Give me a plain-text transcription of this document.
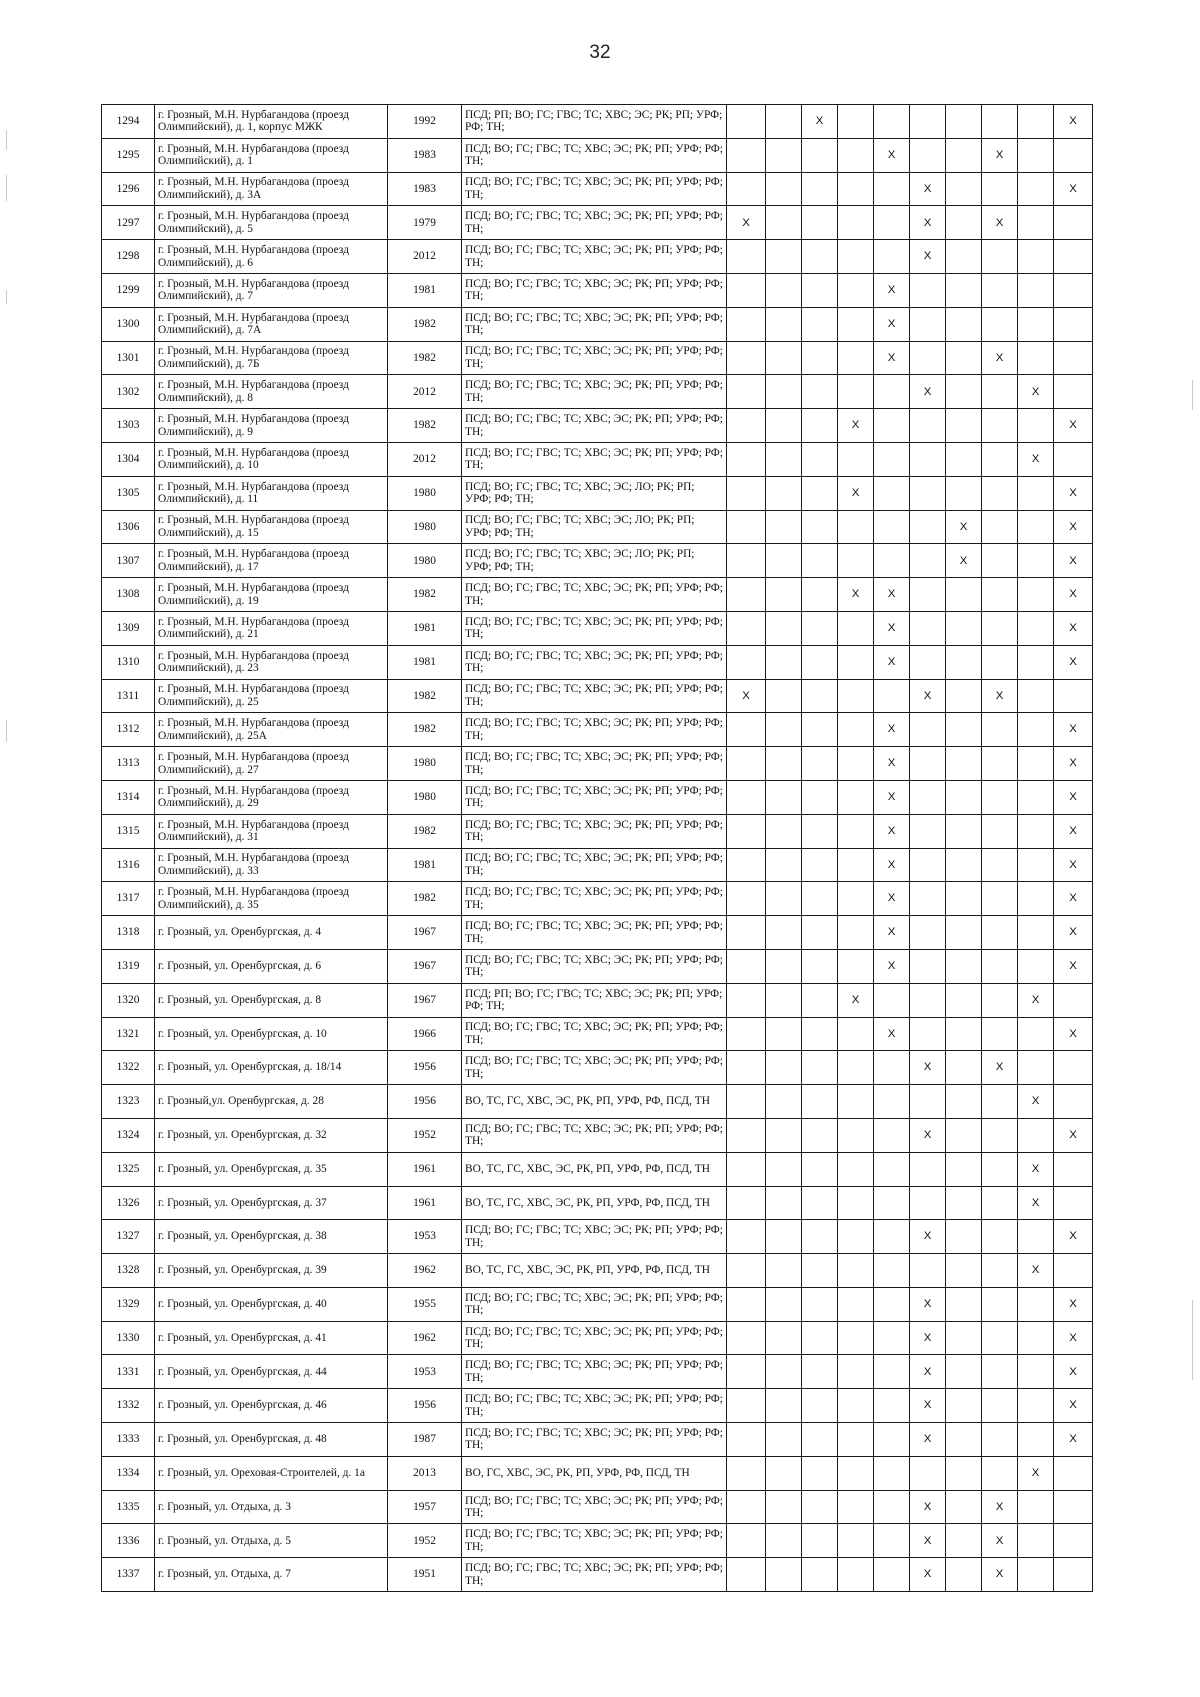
32
1294	г. Грозный, М.Н. Нурбагандова (проезд Олимпийский), д. 1, корпус МЖК	1992	ПСД; РП; ВО; ГС; ГВС; ТС; ХВС; ЭС; РК; РП; УРФ; РФ; ТН;			X							X
1295	г. Грозный, М.Н. Нурбагандова (проезд Олимпийский), д. 1	1983	ПСД; ВО; ГС; ГВС; ТС; ХВС; ЭС; РК; РП; УРФ; РФ; ТН;					X			X		
1296	г. Грозный, М.Н. Нурбагандова (проезд Олимпийский), д. 3А	1983	ПСД; ВО; ГС; ГВС; ТС; ХВС; ЭС; РК; РП; УРФ; РФ; ТН;						X				X
1297	г. Грозный, М.Н. Нурбагандова (проезд Олимпийский), д. 5	1979	ПСД; ВО; ГС; ГВС; ТС; ХВС; ЭС; РК; РП; УРФ; РФ; ТН;	X					X		X		
1298	г. Грозный, М.Н. Нурбагандова (проезд Олимпийский), д. 6	2012	ПСД; ВО; ГС; ГВС; ТС; ХВС; ЭС; РК; РП; УРФ; РФ; ТН;						X				
1299	г. Грозный, М.Н. Нурбагандова (проезд Олимпийский), д. 7	1981	ПСД; ВО; ГС; ГВС; ТС; ХВС; ЭС; РК; РП; УРФ; РФ; ТН;					X					
1300	г. Грозный, М.Н. Нурбагандова (проезд Олимпийский), д. 7А	1982	ПСД; ВО; ГС; ГВС; ТС; ХВС; ЭС; РК; РП; УРФ; РФ; ТН;					X					
1301	г. Грозный, М.Н. Нурбагандова (проезд Олимпийский), д. 7Б	1982	ПСД; ВО; ГС; ГВС; ТС; ХВС; ЭС; РК; РП; УРФ; РФ; ТН;					X			X		
1302	г. Грозный, М.Н. Нурбагандова (проезд Олимпийский), д. 8	2012	ПСД; ВО; ГС; ГВС; ТС; ХВС; ЭС; РК; РП; УРФ; РФ; ТН;						X			X	
1303	г. Грозный, М.Н. Нурбагандова (проезд Олимпийский), д. 9	1982	ПСД; ВО; ГС; ГВС; ТС; ХВС; ЭС; РК; РП; УРФ; РФ; ТН;				X						X
1304	г. Грозный, М.Н. Нурбагандова (проезд Олимпийский), д. 10	2012	ПСД; ВО; ГС; ГВС; ТС; ХВС; ЭС; РК; РП; УРФ; РФ; ТН;									X	
1305	г. Грозный, М.Н. Нурбагандова (проезд Олимпийский), д. 11	1980	ПСД; ВО; ГС; ГВС; ТС; ХВС; ЭС; ЛО; РК; РП; УРФ; РФ; ТН;				X						X
1306	г. Грозный, М.Н. Нурбагандова (проезд Олимпийский), д. 15	1980	ПСД; ВО; ГС; ГВС; ТС; ХВС; ЭС; ЛО; РК; РП; УРФ; РФ; ТН;							X			X
1307	г. Грозный, М.Н. Нурбагандова (проезд Олимпийский), д. 17	1980	ПСД; ВО; ГС; ГВС; ТС; ХВС; ЭС; ЛО; РК; РП; УРФ; РФ; ТН;							X			X
1308	г. Грозный, М.Н. Нурбагандова (проезд Олимпийский), д. 19	1982	ПСД; ВО; ГС; ГВС; ТС; ХВС; ЭС; РК; РП; УРФ; РФ; ТН;				X	X					X
1309	г. Грозный, М.Н. Нурбагандова (проезд Олимпийский), д. 21	1981	ПСД; ВО; ГС; ГВС; ТС; ХВС; ЭС; РК; РП; УРФ; РФ; ТН;					X					X
1310	г. Грозный, М.Н. Нурбагандова (проезд Олимпийский), д. 23	1981	ПСД; ВО; ГС; ГВС; ТС; ХВС; ЭС; РК; РП; УРФ; РФ; ТН;					X					X
1311	г. Грозный, М.Н. Нурбагандова (проезд Олимпийский), д. 25	1982	ПСД; ВО; ГС; ГВС; ТС; ХВС; ЭС; РК; РП; УРФ; РФ; ТН;	X					X		X		
1312	г. Грозный, М.Н. Нурбагандова (проезд Олимпийский), д. 25А	1982	ПСД; ВО; ГС; ГВС; ТС; ХВС; ЭС; РК; РП; УРФ; РФ; ТН;					X					X
1313	г. Грозный, М.Н. Нурбагандова (проезд Олимпийский), д. 27	1980	ПСД; ВО; ГС; ГВС; ТС; ХВС; ЭС; РК; РП; УРФ; РФ; ТН;					X					X
1314	г. Грозный, М.Н. Нурбагандова (проезд Олимпийский), д. 29	1980	ПСД; ВО; ГС; ГВС; ТС; ХВС; ЭС; РК; РП; УРФ; РФ; ТН;					X					X
1315	г. Грозный, М.Н. Нурбагандова (проезд Олимпийский), д. 31	1982	ПСД; ВО; ГС; ГВС; ТС; ХВС; ЭС; РК; РП; УРФ; РФ; ТН;					X					X
1316	г. Грозный, М.Н. Нурбагандова (проезд Олимпийский), д. 33	1981	ПСД; ВО; ГС; ГВС; ТС; ХВС; ЭС; РК; РП; УРФ; РФ; ТН;					X					X
1317	г. Грозный, М.Н. Нурбагандова (проезд Олимпийский), д. 35	1982	ПСД; ВО; ГС; ГВС; ТС; ХВС; ЭС; РК; РП; УРФ; РФ; ТН;					X					X
1318	г. Грозный, ул. Оренбургская, д. 4	1967	ПСД; ВО; ГС; ГВС; ТС; ХВС; ЭС; РК; РП; УРФ; РФ; ТН;					X					X
1319	г. Грозный, ул. Оренбургская, д. 6	1967	ПСД; ВО; ГС; ГВС; ТС; ХВС; ЭС; РК; РП; УРФ; РФ; ТН;					X					X
1320	г. Грозный, ул. Оренбургская, д. 8	1967	ПСД; РП; ВО; ГС; ГВС; ТС; ХВС; ЭС; РК; РП; УРФ; РФ; ТН;				X					X	
1321	г. Грозный, ул. Оренбургская, д. 10	1966	ПСД; ВО; ГС; ГВС; ТС; ХВС; ЭС; РК; РП; УРФ; РФ; ТН;					X					X
1322	г. Грозный, ул. Оренбургская, д. 18/14	1956	ПСД; ВО; ГС; ГВС; ТС; ХВС; ЭС; РК; РП; УРФ; РФ; ТН;						X		X		
1323	г. Грозный,ул. Оренбургская, д. 28	1956	ВО, ТС, ГС, ХВС, ЭС, РК, РП, УРФ, РФ, ПСД, ТН									X	
1324	г. Грозный, ул. Оренбургская, д. 32	1952	ПСД; ВО; ГС; ГВС; ТС; ХВС; ЭС; РК; РП; УРФ; РФ; ТН;						X				X
1325	г. Грозный, ул. Оренбургская, д. 35	1961	ВО, ТС, ГС, ХВС, ЭС, РК, РП, УРФ, РФ, ПСД, ТН									X	
1326	г. Грозный, ул. Оренбургская, д. 37	1961	ВО, ТС, ГС, ХВС, ЭС, РК, РП, УРФ, РФ, ПСД, ТН									X	
1327	г. Грозный, ул. Оренбургская, д. 38	1953	ПСД; ВО; ГС; ГВС; ТС; ХВС; ЭС; РК; РП; УРФ; РФ; ТН;						X				X
1328	г. Грозный, ул. Оренбургская, д. 39	1962	ВО, ТС, ГС, ХВС, ЭС, РК, РП, УРФ, РФ, ПСД, ТН									X	
1329	г. Грозный, ул. Оренбургская, д. 40	1955	ПСД; ВО; ГС; ГВС; ТС; ХВС; ЭС; РК; РП; УРФ; РФ; ТН;						X				X
1330	г. Грозный, ул. Оренбургская, д. 41	1962	ПСД; ВО; ГС; ГВС; ТС; ХВС; ЭС; РК; РП; УРФ; РФ; ТН;						X				X
1331	г. Грозный, ул. Оренбургская, д. 44	1953	ПСД; ВО; ГС; ГВС; ТС; ХВС; ЭС; РК; РП; УРФ; РФ; ТН;						X				X
1332	г. Грозный, ул. Оренбургская, д. 46	1956	ПСД; ВО; ГС; ГВС; ТС; ХВС; ЭС; РК; РП; УРФ; РФ; ТН;						X				X
1333	г. Грозный, ул. Оренбургская, д. 48	1987	ПСД; ВО; ГС; ГВС; ТС; ХВС; ЭС; РК; РП; УРФ; РФ; ТН;						X				X
1334	г. Грозный, ул. Ореховая-Строителей, д. 1а	2013	ВО, ГС, ХВС, ЭС, РК, РП, УРФ, РФ, ПСД, ТН									X	
1335	г. Грозный, ул. Отдыха, д. 3	1957	ПСД; ВО; ГС; ГВС; ТС; ХВС; ЭС; РК; РП; УРФ; РФ; ТН;						X		X		
1336	г. Грозный, ул. Отдыха, д. 5	1952	ПСД; ВО; ГС; ГВС; ТС; ХВС; ЭС; РК; РП; УРФ; РФ; ТН;						X		X		
1337	г. Грозный, ул. Отдыха, д. 7	1951	ПСД; ВО; ГС; ГВС; ТС; ХВС; ЭС; РК; РП; УРФ; РФ; ТН;						X		X		
